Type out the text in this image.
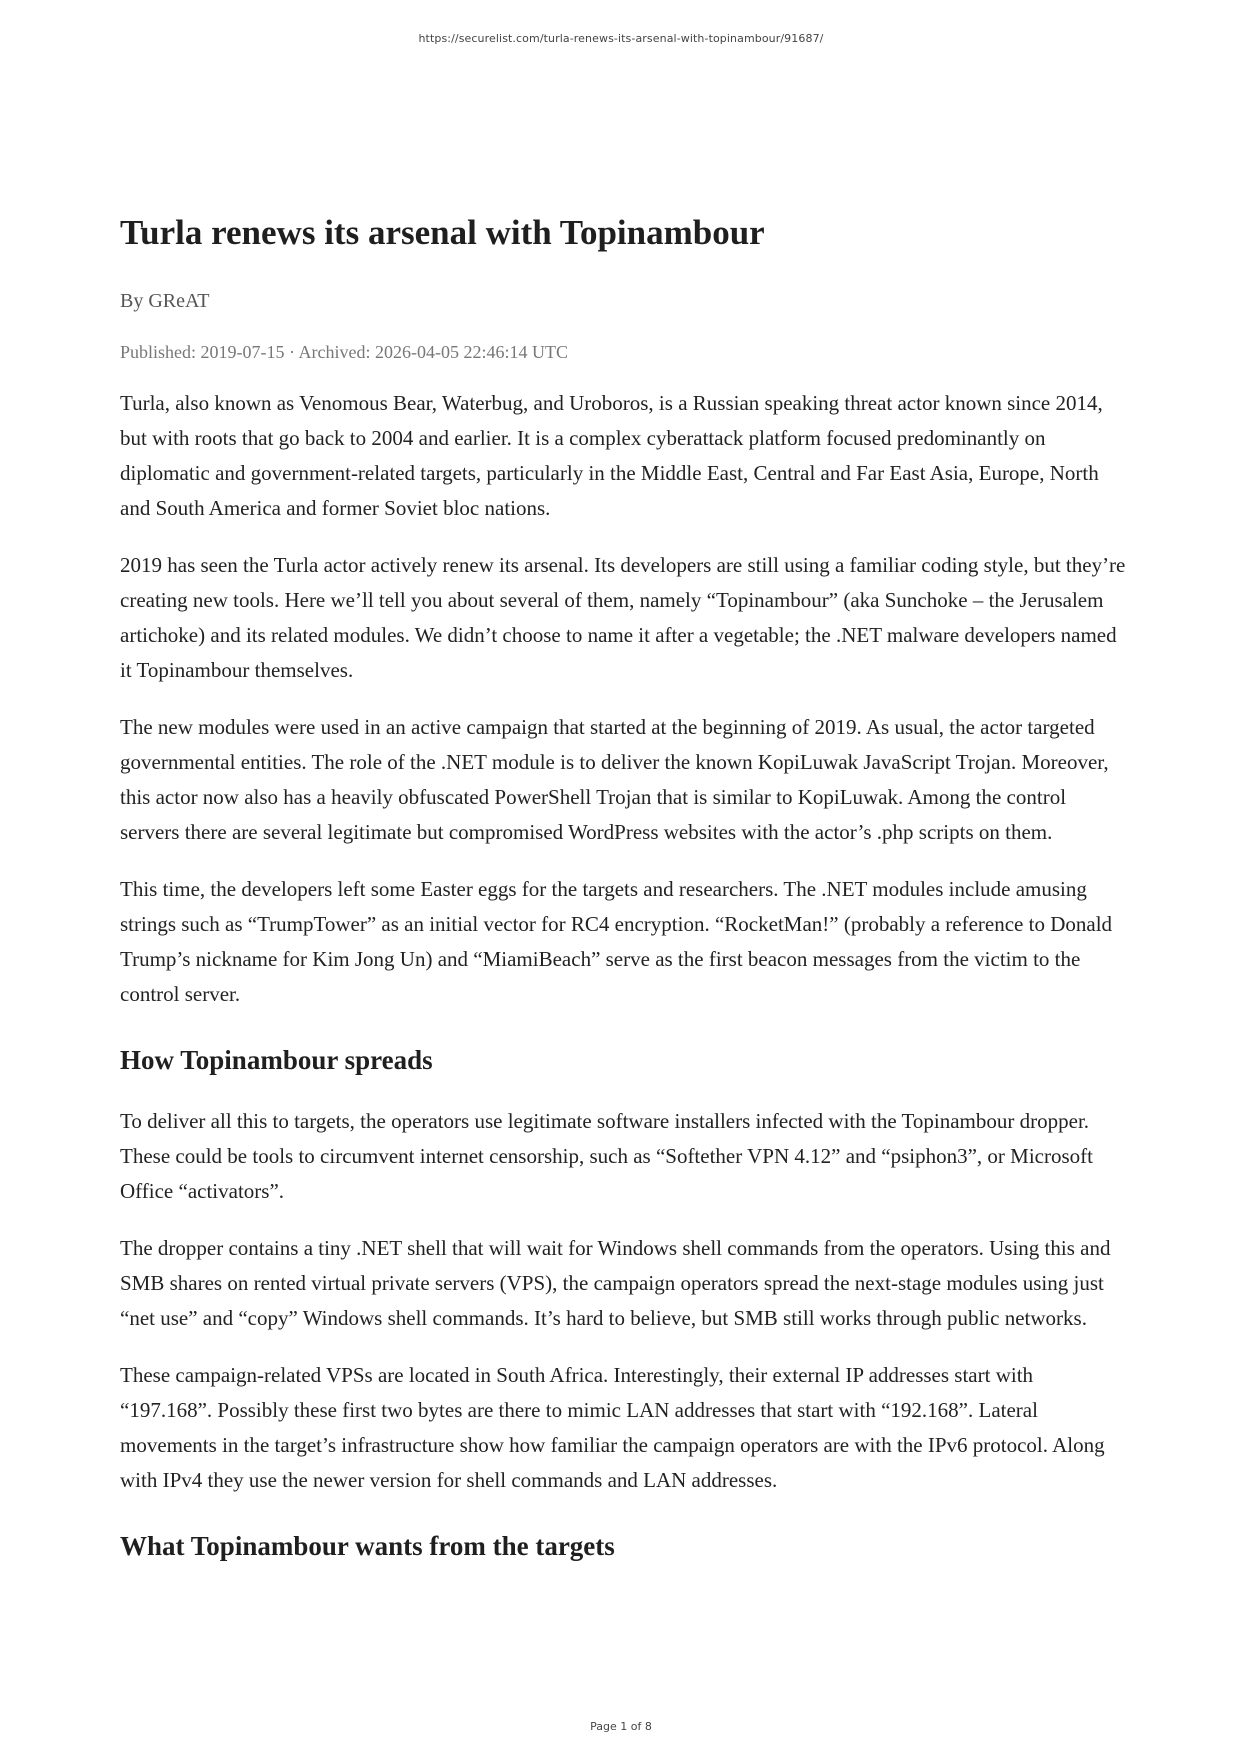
https://securelist.com/turla-renews-its-arsenal-with-topinambour/91687/
Turla renews its arsenal with Topinambour
By GReAT
Published: 2019-07-15 · Archived: 2026-04-05 22:46:14 UTC

Turla, also known as Venomous Bear, Waterbug, and Uroboros, is a Russian speaking threat actor known since 2014, but with roots that go back to 2004 and earlier. It is a complex cyberattack platform focused predominantly on diplomatic and government-related targets, particularly in the Middle East, Central and Far East Asia, Europe, North and South America and former Soviet bloc nations.

2019 has seen the Turla actor actively renew its arsenal. Its developers are still using a familiar coding style, but they’re creating new tools. Here we’ll tell you about several of them, namely “Topinambour” (aka Sunchoke – the Jerusalem artichoke) and its related modules. We didn’t choose to name it after a vegetable; the .NET malware developers named it Topinambour themselves.

The new modules were used in an active campaign that started at the beginning of 2019. As usual, the actor targeted governmental entities. The role of the .NET module is to deliver the known KopiLuwak JavaScript Trojan. Moreover, this actor now also has a heavily obfuscated PowerShell Trojan that is similar to KopiLuwak. Among the control servers there are several legitimate but compromised WordPress websites with the actor’s .php scripts on them.

This time, the developers left some Easter eggs for the targets and researchers. The .NET modules include amusing strings such as “TrumpTower” as an initial vector for RC4 encryption. “RocketMan!” (probably a reference to Donald Trump’s nickname for Kim Jong Un) and “MiamiBeach” serve as the first beacon messages from the victim to the control server.

How Topinambour spreads

To deliver all this to targets, the operators use legitimate software installers infected with the Topinambour dropper. These could be tools to circumvent internet censorship, such as “Softether VPN 4.12” and “psiphon3”, or Microsoft Office “activators”.

The dropper contains a tiny .NET shell that will wait for Windows shell commands from the operators. Using this and SMB shares on rented virtual private servers (VPS), the campaign operators spread the next-stage modules using just “net use” and “copy” Windows shell commands. It’s hard to believe, but SMB still works through public networks.

These campaign-related VPSs are located in South Africa. Interestingly, their external IP addresses start with “197.168”. Possibly these first two bytes are there to mimic LAN addresses that start with “192.168”. Lateral movements in the target’s infrastructure show how familiar the campaign operators are with the IPv6 protocol. Along with IPv4 they use the newer version for shell commands and LAN addresses.

What Topinambour wants from the targets
Page 1 of 8
